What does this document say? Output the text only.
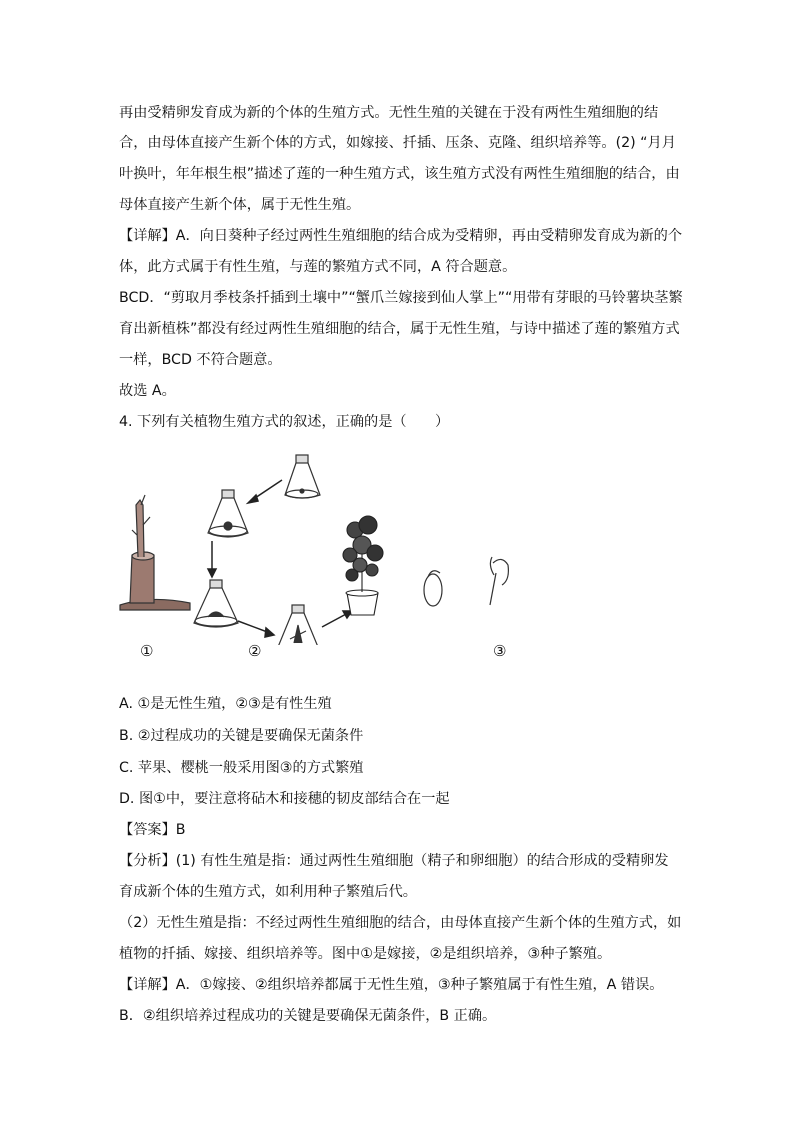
再由受精卵发育成为新的个体的生殖方式。无性生殖的关键在于没有两性生殖细胞的结
合，由母体直接产生新个体的方式，如嫁接、扦插、压条、克隆、组织培养等。(2) “月月
叶换叶，年年根生根”描述了莲的一种生殖方式，该生殖方式没有两性生殖细胞的结合，由
母体直接产生新个体，属于无性生殖。
【详解】A．向日葵种子经过两性生殖细胞的结合成为受精卵，再由受精卵发育成为新的个
体，此方式属于有性生殖，与莲的繁殖方式不同，A 符合题意。
BCD．“剪取月季枝条扦插到土壤中”“蟹爪兰嫁接到仙人掌上”“用带有芽眼的马铃薯块茎繁
育出新植株”都没有经过两性生殖细胞的结合，属于无性生殖，与诗中描述了莲的繁殖方式
一样，BCD 不符合题意。
故选 A。
4. 下列有关植物生殖方式的叙述，正确的是（　　）
①	②	③
A. ①是无性生殖，②③是有性生殖
B. ②过程成功的关键是要确保无菌条件
C. 苹果、樱桃一般采用图③的方式繁殖
D. 图①中，要注意将砧木和接穗的韧皮部结合在一起
【答案】B
【分析】(1) 有性生殖是指：通过两性生殖细胞（精子和卵细胞）的结合形成的受精卵发
育成新个体的生殖方式，如利用种子繁殖后代。
（2）无性生殖是指：不经过两性生殖细胞的结合，由母体直接产生新个体的生殖方式，如
植物的扦插、嫁接、组织培养等。图中①是嫁接，②是组织培养，③种子繁殖。
【详解】A．①嫁接、②组织培养都属于无性生殖，③种子繁殖属于有性生殖，A 错误。
B．②组织培养过程成功的关键是要确保无菌条件，B 正确。
